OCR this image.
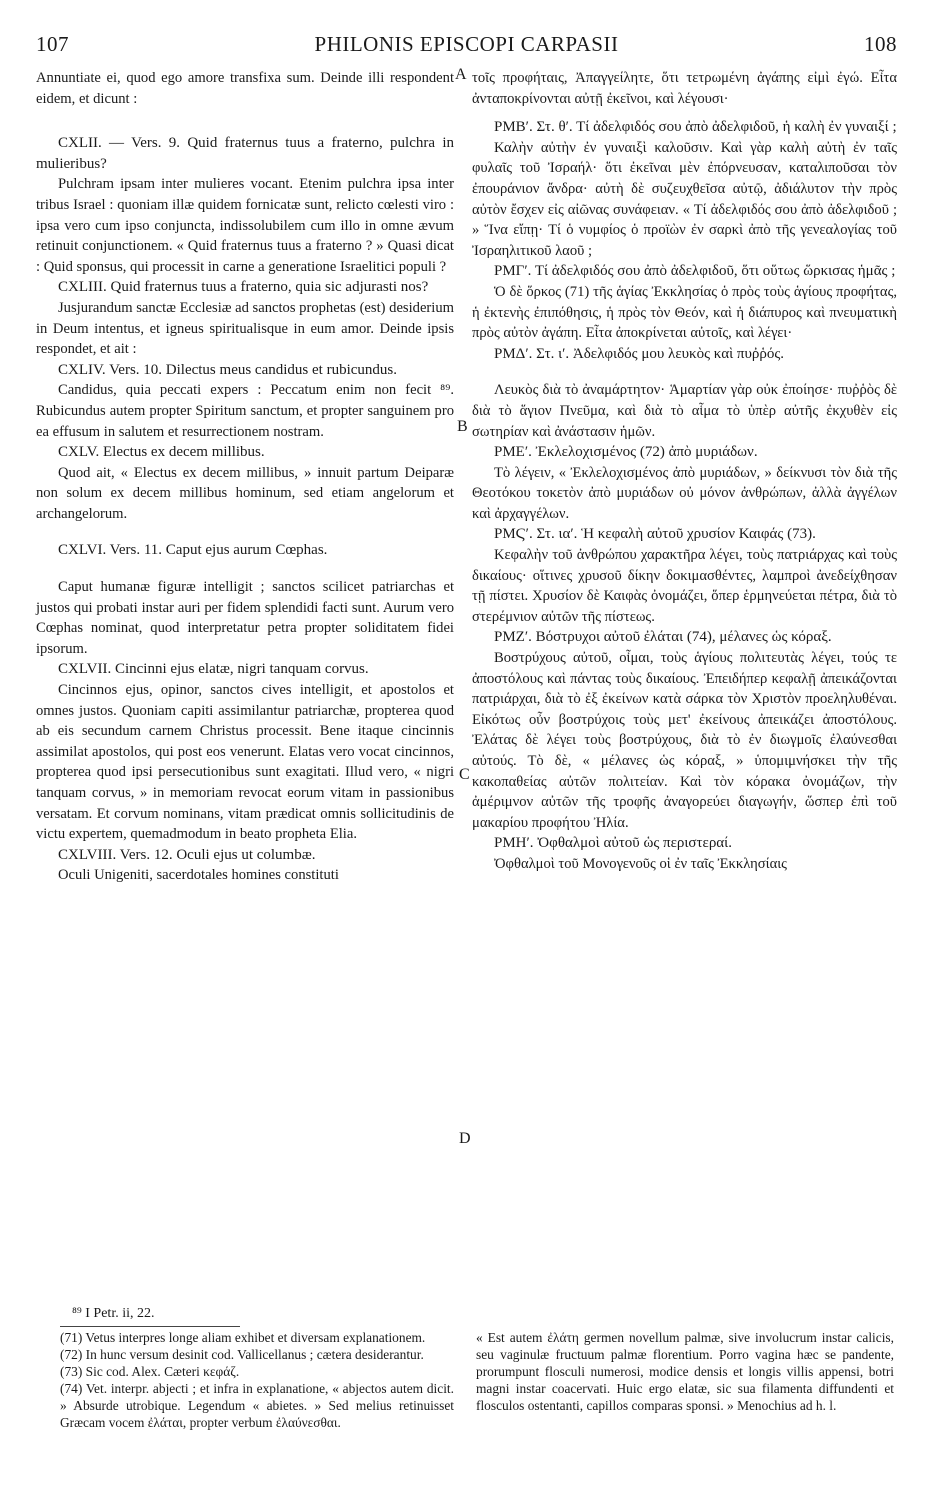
107	PHILONIS EPISCOPI CARPASII	108
A
B
C
D

Annuntiate ei, quod ego amore transfixa sum. Deinde illi respondent eidem, et dicunt :

CXLII. — Vers. 9. Quid fraternus tuus a fraterno, pulchra in mulieribus?

Pulchram ipsam inter mulieres vocant. Etenim pulchra ipsa inter tribus Israel : quoniam illæ quidem fornicatæ sunt, relicto cœlesti viro : ipsa vero cum ipso conjuncta, indissolubilem cum illo in omne ævum retinuit conjunctionem. « Quid fraternus tuus a fraterno ? » Quasi dicat : Quid sponsus, qui processit in carne a generatione Israelitici populi ?

CXLIII. Quid fraternus tuus a fraterno, quia sic adjurasti nos?

Jusjurandum sanctæ Ecclesiæ ad sanctos prophetas (est) desiderium in Deum intentus, et igneus spiritualisque in eum amor. Deinde ipsis respondet, et ait :

CXLIV. Vers. 10. Dilectus meus candidus et rubicundus.

Candidus, quia peccati expers : Peccatum enim non fecit ⁸⁹. Rubicundus autem propter Spiritum sanctum, et propter sanguinem pro ea effusum in salutem et resurrectionem nostram.

CXLV. Electus ex decem millibus.

Quod ait, « Electus ex decem millibus, » innuit partum Deiparæ non solum ex decem millibus hominum, sed etiam angelorum et archangelorum.

CXLVI. Vers. 11. Caput ejus aurum Cœphas.

Caput humanæ figuræ intelligit ; sanctos scilicet patriarchas et justos qui probati instar auri per fidem splendidi facti sunt. Aurum vero Cœphas nominat, quod interpretatur petra propter soliditatem fidei ipsorum.

CXLVII. Cincinni ejus elatæ, nigri tanquam corvus.

Cincinnos ejus, opinor, sanctos cives intelligit, et apostolos et omnes justos. Quoniam capiti assimilantur patriarchæ, propterea quod ab eis secundum carnem Christus processit. Bene itaque cincinnis assimilat apostolos, qui post eos venerunt. Elatas vero vocat cincinnos, propterea quod ipsi persecutionibus sunt exagitati. Illud vero, « nigri tanquam corvus, » in memoriam revocat eorum vitam in passionibus versatam. Et corvum nominans, vitam prædicat omnis sollicitudinis de victu expertem, quemadmodum in beato propheta Elia.

CXLVIII. Vers. 12. Oculi ejus ut columbæ.

Oculi Unigeniti, sacerdotales homines constituti

τοῖς προφήταις, Ἀπαγγείλητε, ὅτι τετρωμένη ἀγάπης εἰμὶ ἐγώ. Εἶτα ἀνταποκρίνονται αὐτῇ ἐκεῖνοι, καὶ λέγουσι·

ΡΜΒʹ. Στ. θʹ. Τί ἀδελφιδός σου ἀπὸ ἀδελφιδοῦ, ἡ καλὴ ἐν γυναιξί ;

Καλὴν αὐτὴν ἐν γυναιξὶ καλοῦσιν. Καὶ γὰρ καλὴ αὐτὴ ἐν ταῖς φυλαῖς τοῦ Ἰσραήλ· ὅτι ἐκεῖναι μὲν ἐπόρνευσαν, καταλιποῦσαι τὸν ἐπουράνιον ἄνδρα· αὐτὴ δὲ συζευχθεῖσα αὐτῷ, ἀδιάλυτον τὴν πρὸς αὐτὸν ἔσχεν εἰς αἰῶνας συνάφειαν. « Τί ἀδελφιδός σου ἀπὸ ἀδελφιδοῦ ; » Ἵνα εἴπῃ· Τί ὁ νυμφίος ὁ προϊὼν ἐν σαρκὶ ἀπὸ τῆς γενεαλογίας τοῦ Ἰσραηλιτικοῦ λαοῦ ;

ΡΜΓʹ. Τί ἀδελφιδός σου ἀπὸ ἀδελφιδοῦ, ὅτι οὕτως ὥρκισας ἡμᾶς ;

Ὁ δὲ ὅρκος (71) τῆς ἁγίας Ἐκκλησίας ὁ πρὸς τοὺς ἁγίους προφήτας, ἡ ἐκτενὴς ἐπιπόθησις, ἡ πρὸς τὸν Θεόν, καὶ ἡ διάπυρος καὶ πνευματικὴ πρὸς αὐτὸν ἀγάπη. Εἶτα ἀποκρίνεται αὐτοῖς, καὶ λέγει·

ΡΜΔʹ. Στ. ιʹ. Ἀδελφιδός μου λευκὸς καὶ πυῤῥός.

Λευκὸς διὰ τὸ ἀναμάρτητον· Ἁμαρτίαν γὰρ οὐκ ἐποίησε· πυῤῥὸς δὲ διὰ τὸ ἅγιον Πνεῦμα, καὶ διὰ τὸ αἷμα τὸ ὑπὲρ αὐτῆς ἐκχυθὲν εἰς σωτηρίαν καὶ ἀνάστασιν ἡμῶν.

ΡΜΕʹ. Ἐκλελοχισμένος (72) ἀπὸ μυριάδων.

Τὸ λέγειν, « Ἐκλελοχισμένος ἀπὸ μυριάδων, » δείκνυσι τὸν διὰ τῆς Θεοτόκου τοκετὸν ἀπὸ μυριάδων οὐ μόνον ἀνθρώπων, ἀλλὰ ἀγγέλων καὶ ἀρχαγγέλων.

ΡΜϚʹ. Στ. ιαʹ. Ἡ κεφαλὴ αὐτοῦ χρυσίον Καιφάς (73).

Κεφαλὴν τοῦ ἀνθρώπου χαρακτῆρα λέγει, τοὺς πατριάρχας καὶ τοὺς δικαίους· οἵτινες χρυσοῦ δίκην δοκιμασθέντες, λαμπροὶ ἀνεδείχθησαν τῇ πίστει. Χρυσίον δὲ Καιφὰς ὀνομάζει, ὅπερ ἑρμηνεύεται πέτρα, διὰ τὸ στερέμνιον αὐτῶν τῆς πίστεως.

ΡΜΖʹ. Βόστρυχοι αὐτοῦ ἐλάται (74), μέλανες ὡς κόραξ.

Βοστρύχους αὐτοῦ, οἶμαι, τοὺς ἁγίους πολιτευτὰς λέγει, τούς τε ἀποστόλους καὶ πάντας τοὺς δικαίους. Ἐπειδήπερ κεφαλῇ ἀπεικάζονται πατριάρχαι, διὰ τὸ ἐξ ἐκείνων κατὰ σάρκα τὸν Χριστὸν προεληλυθέναι. Εἰκότως οὖν βοστρύχοις τοὺς μετ' ἐκείνους ἀπεικάζει ἀποστόλους. Ἐλάτας δὲ λέγει τοὺς βοστρύχους, διὰ τὸ ἐν διωγμοῖς ἐλαύνεσθαι αὐτούς. Τὸ δὲ, « μέλανες ὡς κόραξ, » ὑπομιμνήσκει τὴν τῆς κακοπαθείας αὐτῶν πολιτείαν. Καὶ τὸν κόρακα ὀνομάζων, τὴν ἀμέριμνον αὐτῶν τῆς τροφῆς ἀναγορεύει διαγωγήν, ὥσπερ ἐπὶ τοῦ μακαρίου προφήτου Ἠλία.

ΡΜΗʹ. Ὀφθαλμοὶ αὐτοῦ ὡς περιστεραί.

Ὀφθαλμοὶ τοῦ Μονογενοῦς οἱ ἐν ταῖς Ἐκκλησίαις

⁸⁹ I Petr. ii, 22.

(71) Vetus interpres longe aliam exhibet et diversam explanationem.

(72) In hunc versum desinit cod. Vallicellanus ; cætera desiderantur.

(73) Sic cod. Alex. Cæteri κεφάζ.

(74) Vet. interpr. abjecti ; et infra in explanatione, « abjectos autem dicit. » Absurde utrobique. Legendum « abietes. » Sed melius retinuisset Græcam vocem ἐλάται, propter verbum ἐλαύνεσθαι.

« Est autem ἐλάτη germen novellum palmæ, sive involucrum instar calicis, seu vaginulæ fructuum palmæ florentium. Porro vagina hæc se pandente, prorumpunt flosculi numerosi, modice densis et longis villis appensi, botri magni instar coacervati. Huic ergo elatæ, sic sua filamenta diffundenti et flosculos ostentanti, capillos comparas sponsi. » Menochius ad h. l.
